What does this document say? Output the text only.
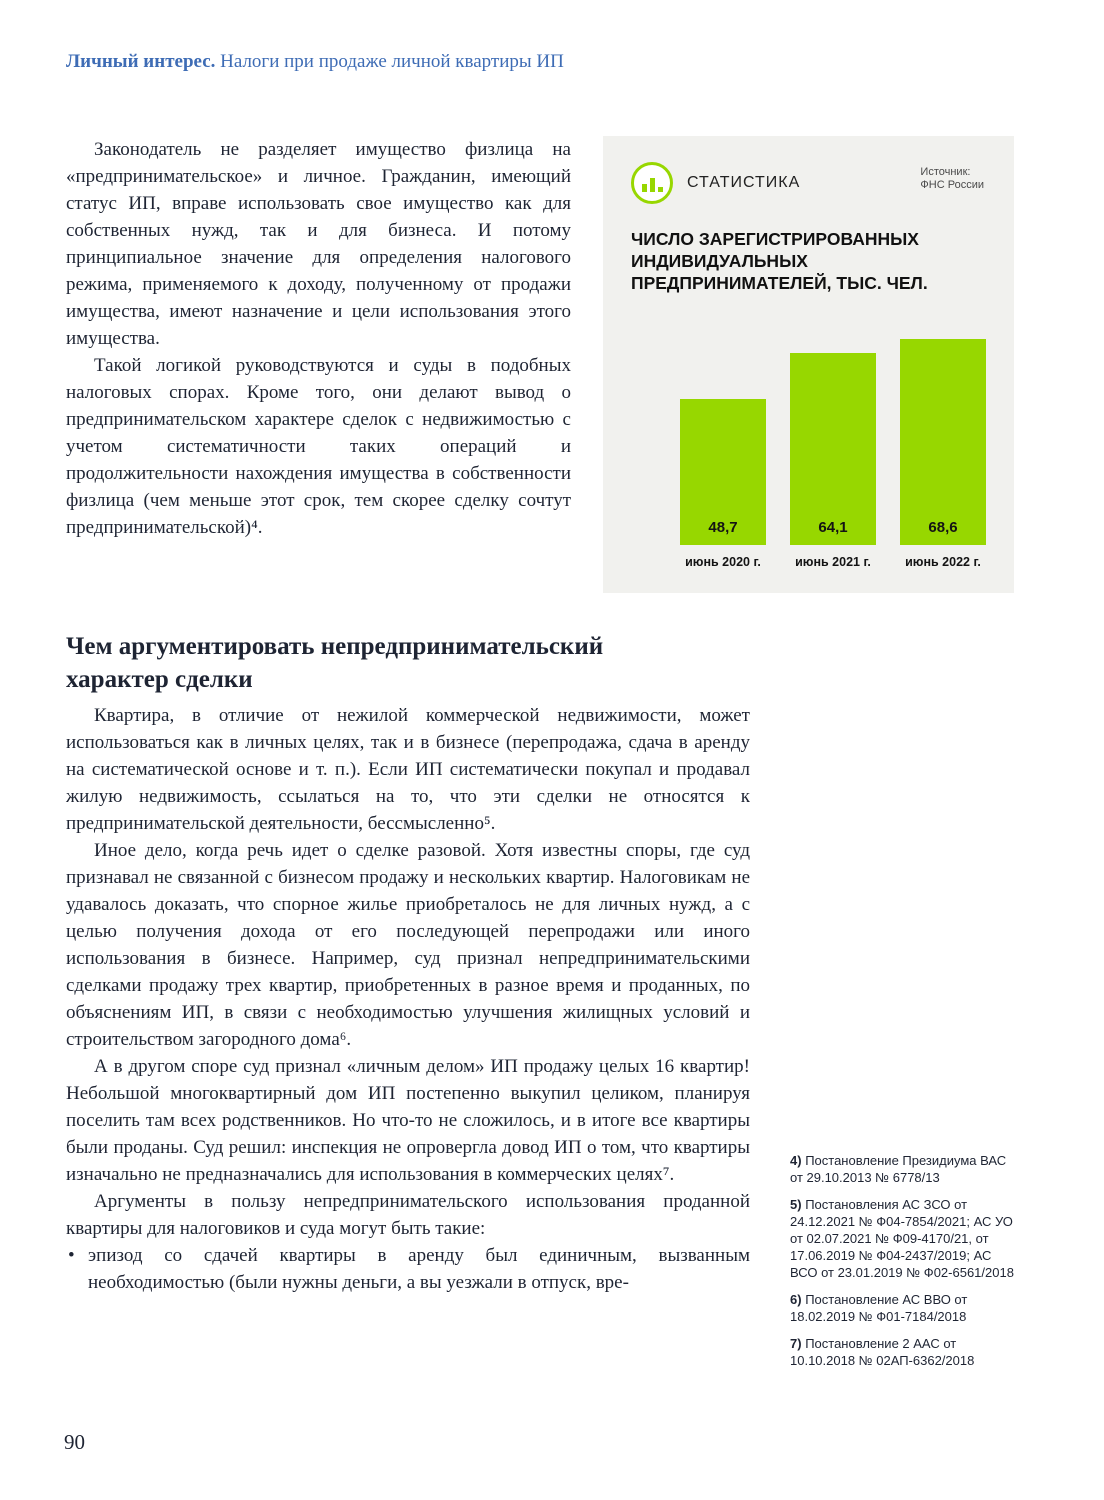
Личный интерес. Налоги при продаже личной квартиры ИП

Законодатель не разделяет имущество физлица на «предпринимательское» и личное. Гражданин, имеющий статус ИП, вправе использовать свое имущество как для собственных нужд, так и для бизнеса. И потому принципиальное значение для определения налогового режима, применяемого к доходу, полученному от продажи имущества, имеют назначение и цели использования этого имущества.

Такой логикой руководствуются и суды в подобных налоговых спорах. Кроме того, они делают вывод о предпринимательском характере сделок с недвижимостью с учетом систематичности таких операций и продолжительности нахождения имущества в собственности физлица (чем меньше этот срок, тем скорее сделку сочтут предпринимательской)⁴.

СТАТИСТИКА
Источник:
ФНС России
ЧИСЛО ЗАРЕГИСТРИРОВАННЫХ ИНДИВИДУАЛЬНЫХ ПРЕДПРИНИМАТЕЛЕЙ, ТЫС. ЧЕЛ.
48,7	64,1	68,6
июнь 2020 г.	июнь 2021 г.	июнь 2022 г.
Чем аргументировать непредпринимательский характер сделки

Квартира, в отличие от нежилой коммерческой недвижимости, может использоваться как в личных целях, так и в бизнесе (перепродажа, сдача в аренду на систематической основе и т. п.). Если ИП систематически покупал и продавал жилую недвижимость, ссылаться на то, что эти сделки не относятся к предпринимательской деятельности, бессмысленно⁵.

Иное дело, когда речь идет о сделке разовой. Хотя известны споры, где суд признавал не связанной с бизнесом продажу и нескольких квартир. Налоговикам не удавалось доказать, что спорное жилье приобреталось не для личных нужд, а с целью получения дохода от его последующей перепродажи или иного использования в бизнесе. Например, суд признал непредпринимательскими сделками продажу трех квартир, приобретенных в разное время и проданных, по объяснениям ИП, в связи с необходимостью улучшения жилищных условий и строительством загородного дома⁶.

А в другом споре суд признал «личным делом» ИП продажу целых 16 квартир! Небольшой многоквартирный дом ИП постепенно выкупил целиком, планируя поселить там всех родственников. Но что-то не сложилось, и в итоге все квартиры были проданы. Суд решил: инспекция не опровергла довод ИП о том, что квартиры изначально не предназначались для использования в коммерческих целях⁷.

Аргументы в пользу непредпринимательского использования проданной квартиры для налоговиков и суда могут быть такие:

• эпизод со сдачей квартиры в аренду был единичным, вызванным необходимостью (были нужны деньги, а вы уезжали в отпуск, вре-

4) Постановление Президиума ВАС от 29.10.2013 № 6778/13

5) Постановления АС ЗСО от 24.12.2021 № Ф04-7854/2021; АС УО от 02.07.2021 № Ф09-4170/21, от 17.06.2019 № Ф04-2437/2019; АС ВСО от 23.01.2019 № Ф02-6561/2018

6) Постановление АС ВВО от 18.02.2019 № Ф01-7184/2018

7) Постановление 2 ААС от 10.10.2018 № 02АП-6362/2018

90
